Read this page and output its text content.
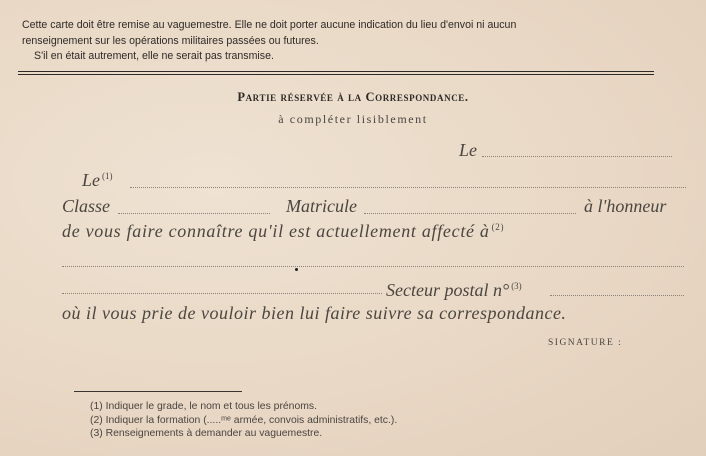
Cette carte doit être remise au vaguemestre. Elle ne doit porter aucune indication du lieu d'envoi ni aucun
renseignement sur les opérations militaires passées ou futures.
S'il en était autrement, elle ne serait pas transmise.
Partie réservée à la Correspondance.
à compléter lisiblement
Le
Le $^{(1)}$
Classe	Matricule	à l'honneur
de vous faire connaître qu'il est actuellement affecté à $^{(2)}$
Secteur postal n° $^{(3)}$
où il vous prie de vouloir bien lui faire suivre sa correspondance.
SIGNATURE :
(1) Indiquer le grade, le nom et tous les prénoms.
(2) Indiquer la formation (.....ᵐᵉ armée, convois administratifs, etc.).
(3) Renseignements à demander au vaguemestre.
